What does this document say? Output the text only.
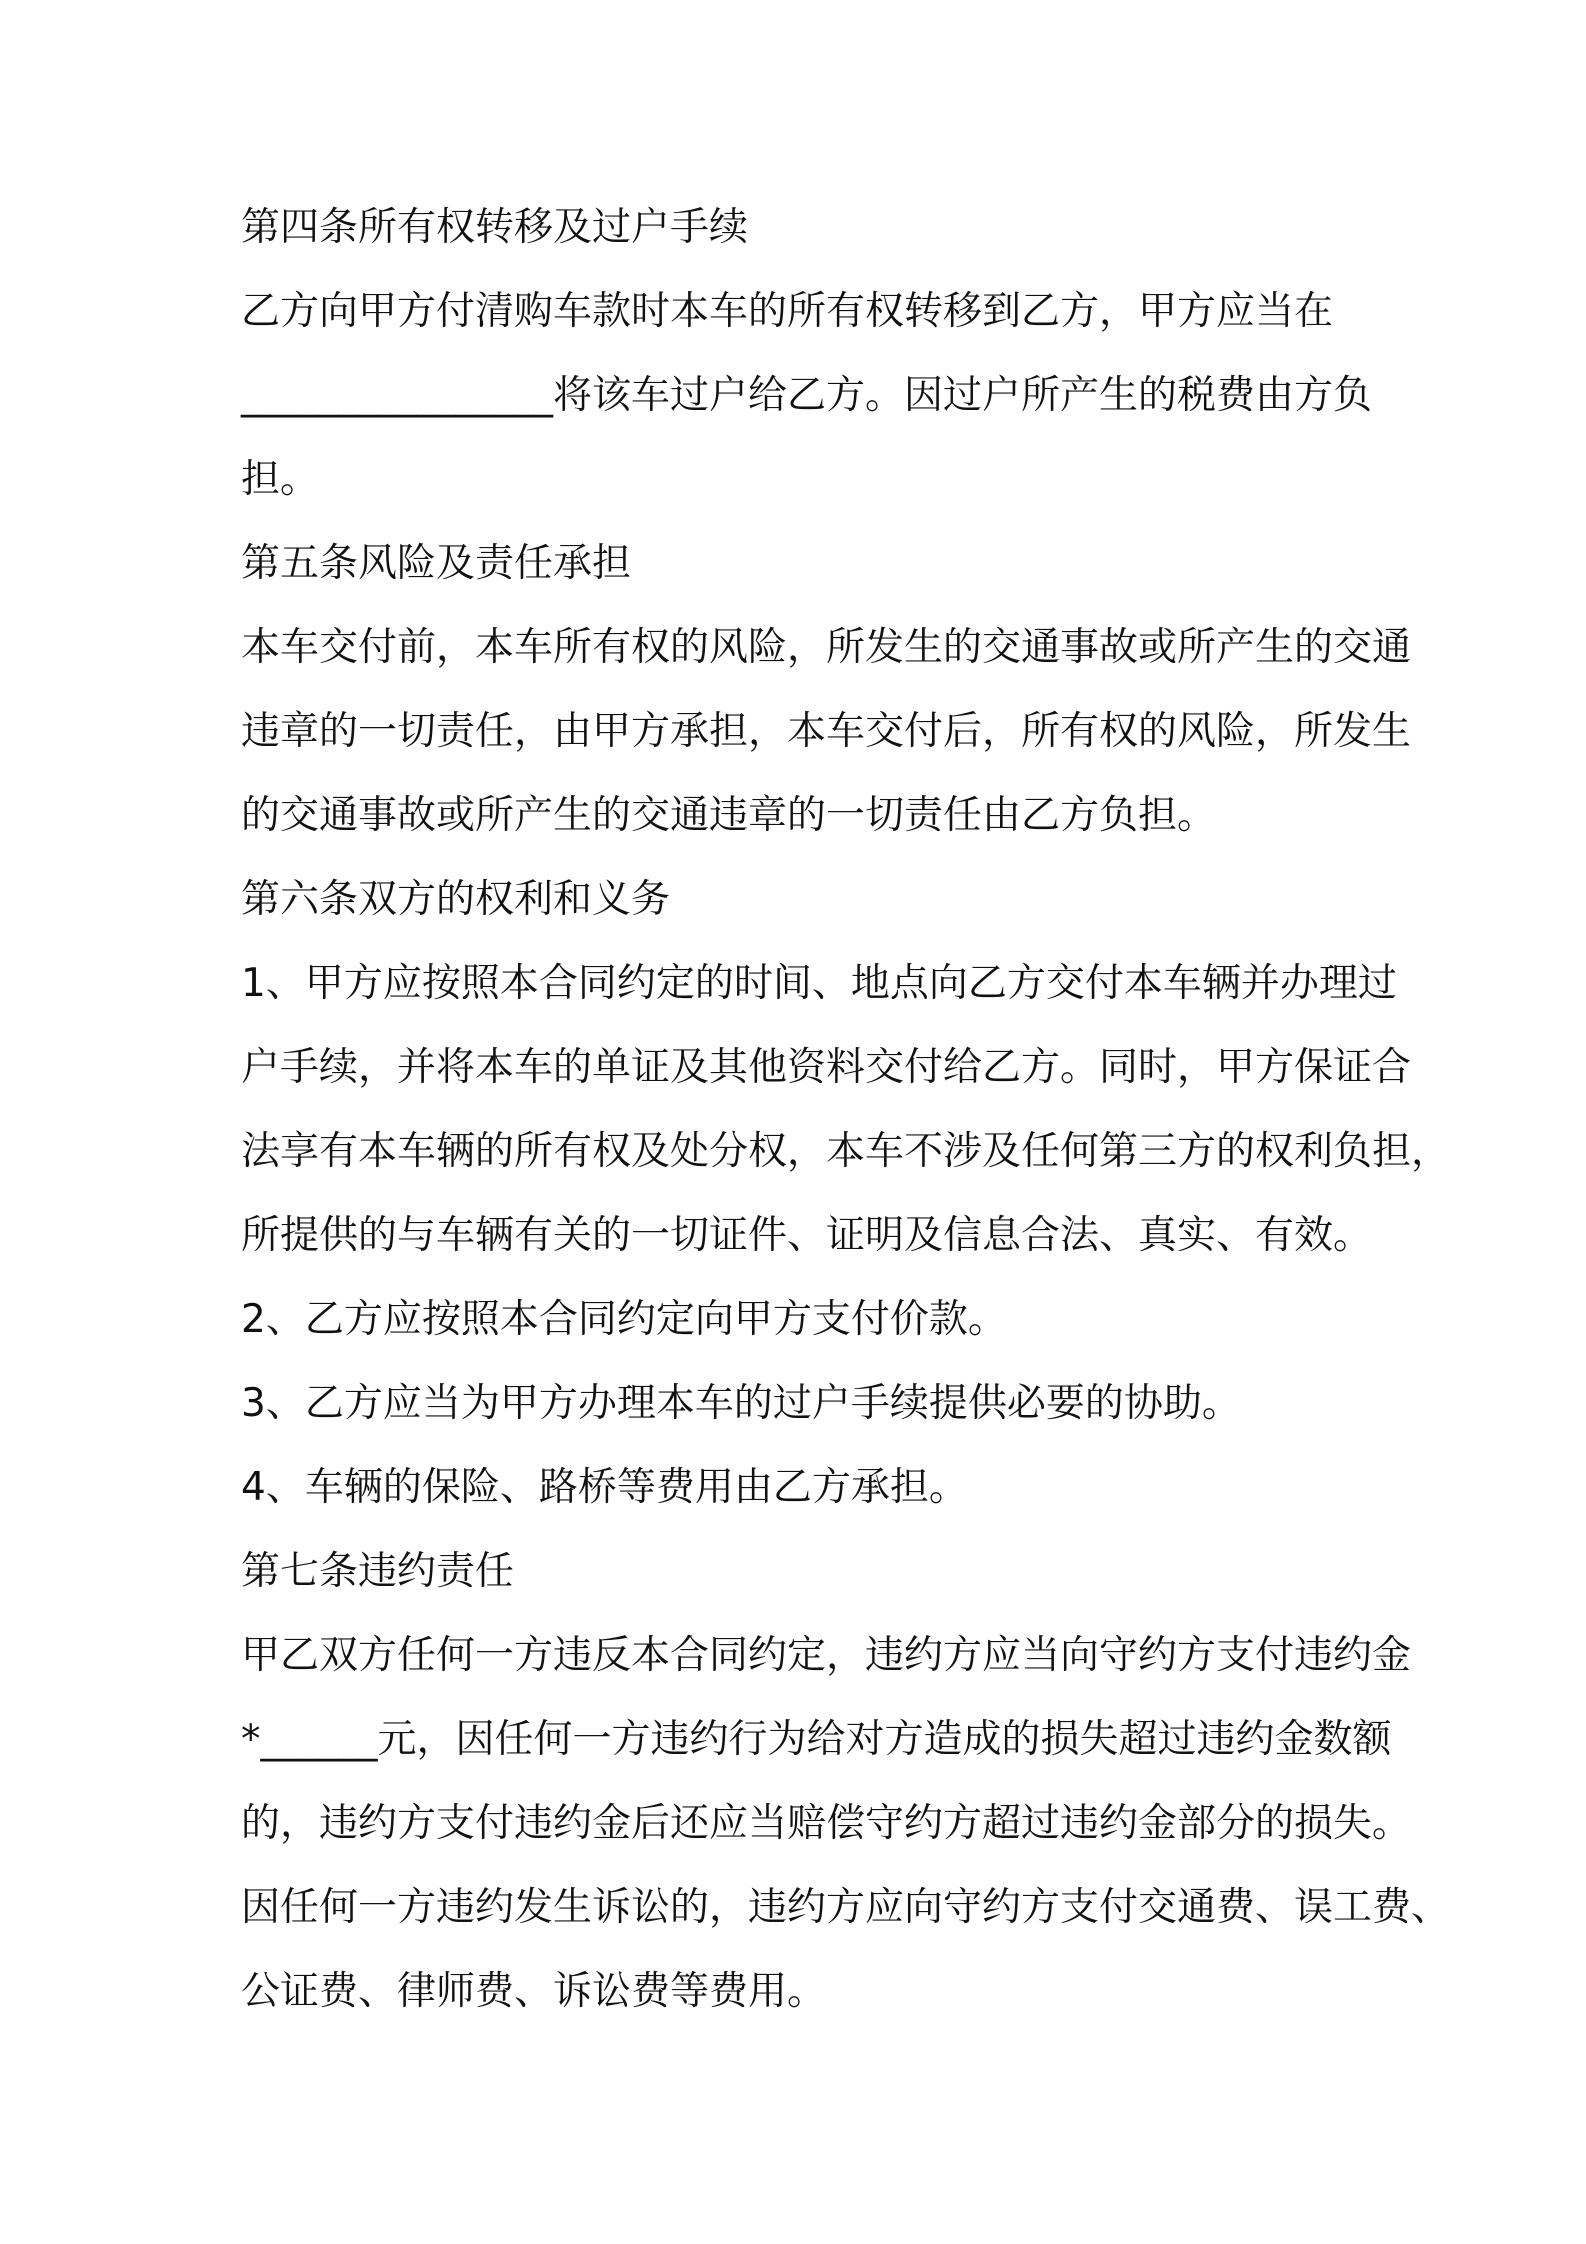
第四条所有权转移及过户手续
乙方向甲方付清购车款时本车的所有权转移到乙方，甲方应当在
________________将该车过户给乙方。因过户所产生的税费由方负
担。
第五条风险及责任承担
本车交付前，本车所有权的风险，所发生的交通事故或所产生的交通
违章的一切责任，由甲方承担，本车交付后，所有权的风险，所发生
的交通事故或所产生的交通违章的一切责任由乙方负担。
第六条双方的权利和义务
1、甲方应按照本合同约定的时间、地点向乙方交付本车辆并办理过
户手续，并将本车的单证及其他资料交付给乙方。同时，甲方保证合
法享有本车辆的所有权及处分权，本车不涉及任何第三方的权利负担，
所提供的与车辆有关的一切证件、证明及信息合法、真实、有效。
2、乙方应按照本合同约定向甲方支付价款。
3、乙方应当为甲方办理本车的过户手续提供必要的协助。
4、车辆的保险、路桥等费用由乙方承担。
第七条违约责任
甲乙双方任何一方违反本合同约定，违约方应当向守约方支付违约金
*______元，因任何一方违约行为给对方造成的损失超过违约金数额
的，违约方支付违约金后还应当赔偿守约方超过违约金部分的损失。
因任何一方违约发生诉讼的，违约方应向守约方支付交通费、误工费、
公证费、律师费、诉讼费等费用。
